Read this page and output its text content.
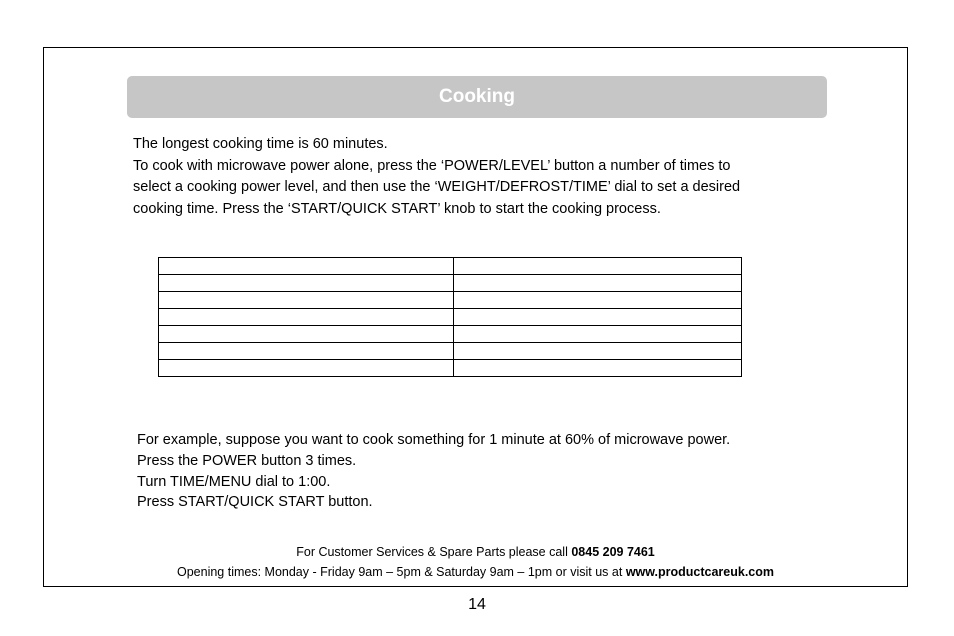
Cooking

The longest cooking time is 60 minutes.

To cook with microwave power alone, press the ‘POWER/LEVEL’ button a number of times to

select a cooking power level, and then use the ‘WEIGHT/DEFROST/TIME’ dial to set a desired

cooking time. Press the ‘START/QUICK START’ knob to start the cooking process.

For example, suppose you want to cook something for 1 minute at 60% of microwave power.

Press the POWER button 3 times.

Turn TIME/MENU dial to 1:00.

Press START/QUICK START button.

For Customer Services & Spare Parts please call 0845 209 7461
Opening times: Monday - Friday 9am – 5pm & Saturday 9am – 1pm or visit us at www.productcareuk.com
14
